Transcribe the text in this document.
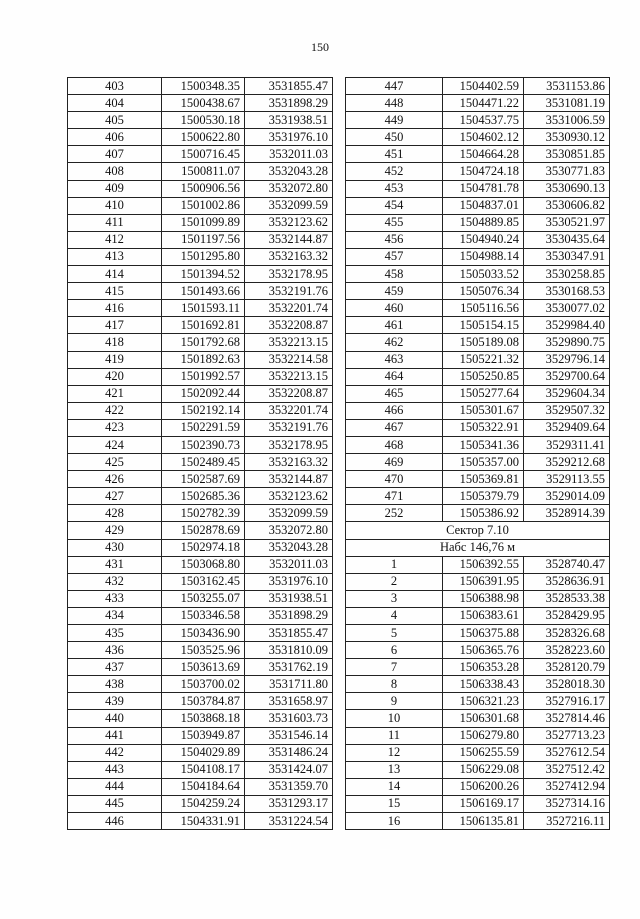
150
403	1500348.35	3531855.47
404	1500438.67	3531898.29
405	1500530.18	3531938.51
406	1500622.80	3531976.10
407	1500716.45	3532011.03
408	1500811.07	3532043.28
409	1500906.56	3532072.80
410	1501002.86	3532099.59
411	1501099.89	3532123.62
412	1501197.56	3532144.87
413	1501295.80	3532163.32
414	1501394.52	3532178.95
415	1501493.66	3532191.76
416	1501593.11	3532201.74
417	1501692.81	3532208.87
418	1501792.68	3532213.15
419	1501892.63	3532214.58
420	1501992.57	3532213.15
421	1502092.44	3532208.87
422	1502192.14	3532201.74
423	1502291.59	3532191.76
424	1502390.73	3532178.95
425	1502489.45	3532163.32
426	1502587.69	3532144.87
427	1502685.36	3532123.62
428	1502782.39	3532099.59
429	1502878.69	3532072.80
430	1502974.18	3532043.28
431	1503068.80	3532011.03
432	1503162.45	3531976.10
433	1503255.07	3531938.51
434	1503346.58	3531898.29
435	1503436.90	3531855.47
436	1503525.96	3531810.09
437	1503613.69	3531762.19
438	1503700.02	3531711.80
439	1503784.87	3531658.97
440	1503868.18	3531603.73
441	1503949.87	3531546.14
442	1504029.89	3531486.24
443	1504108.17	3531424.07
444	1504184.64	3531359.70
445	1504259.24	3531293.17
446	1504331.91	3531224.54
447	1504402.59	3531153.86
448	1504471.22	3531081.19
449	1504537.75	3531006.59
450	1504602.12	3530930.12
451	1504664.28	3530851.85
452	1504724.18	3530771.83
453	1504781.78	3530690.13
454	1504837.01	3530606.82
455	1504889.85	3530521.97
456	1504940.24	3530435.64
457	1504988.14	3530347.91
458	1505033.52	3530258.85
459	1505076.34	3530168.53
460	1505116.56	3530077.02
461	1505154.15	3529984.40
462	1505189.08	3529890.75
463	1505221.32	3529796.14
464	1505250.85	3529700.64
465	1505277.64	3529604.34
466	1505301.67	3529507.32
467	1505322.91	3529409.64
468	1505341.36	3529311.41
469	1505357.00	3529212.68
470	1505369.81	3529113.55
471	1505379.79	3529014.09
252	1505386.92	3528914.39
Сектор 7.10		
Набс 146,76 м		
1	1506392.55	3528740.47
2	1506391.95	3528636.91
3	1506388.98	3528533.38
4	1506383.61	3528429.95
5	1506375.88	3528326.68
6	1506365.76	3528223.60
7	1506353.28	3528120.79
8	1506338.43	3528018.30
9	1506321.23	3527916.17
10	1506301.68	3527814.46
11	1506279.80	3527713.23
12	1506255.59	3527612.54
13	1506229.08	3527512.42
14	1506200.26	3527412.94
15	1506169.17	3527314.16
16	1506135.81	3527216.11
